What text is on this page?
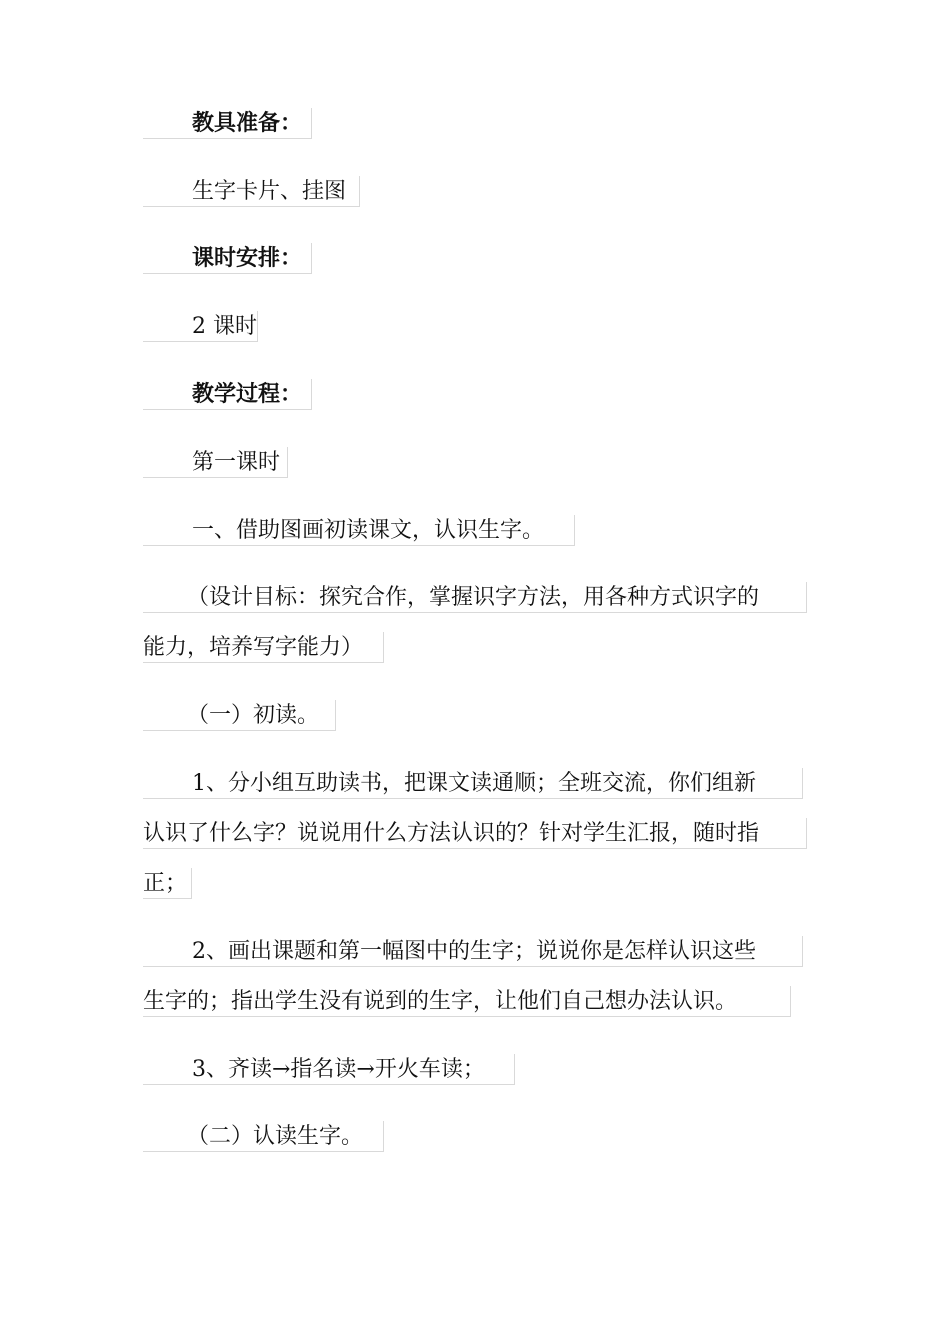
教具准备：
生字卡片、挂图
课时安排：
2 课时
教学过程：
第一课时
一、借助图画初读课文，认识生字。
（设计目标：探究合作，掌握识字方法，用各种方式识字的
能力，培养写字能力）
（一）初读。
1、分小组互助读书，把课文读通顺；全班交流，你们组新
认识了什么字？说说用什么方法认识的？针对学生汇报，随时指
正；
2、画出课题和第一幅图中的生字；说说你是怎样认识这些
生字的；指出学生没有说到的生字，让他们自己想办法认识。
3、齐读→指名读→开火车读；
（二）认读生字。
